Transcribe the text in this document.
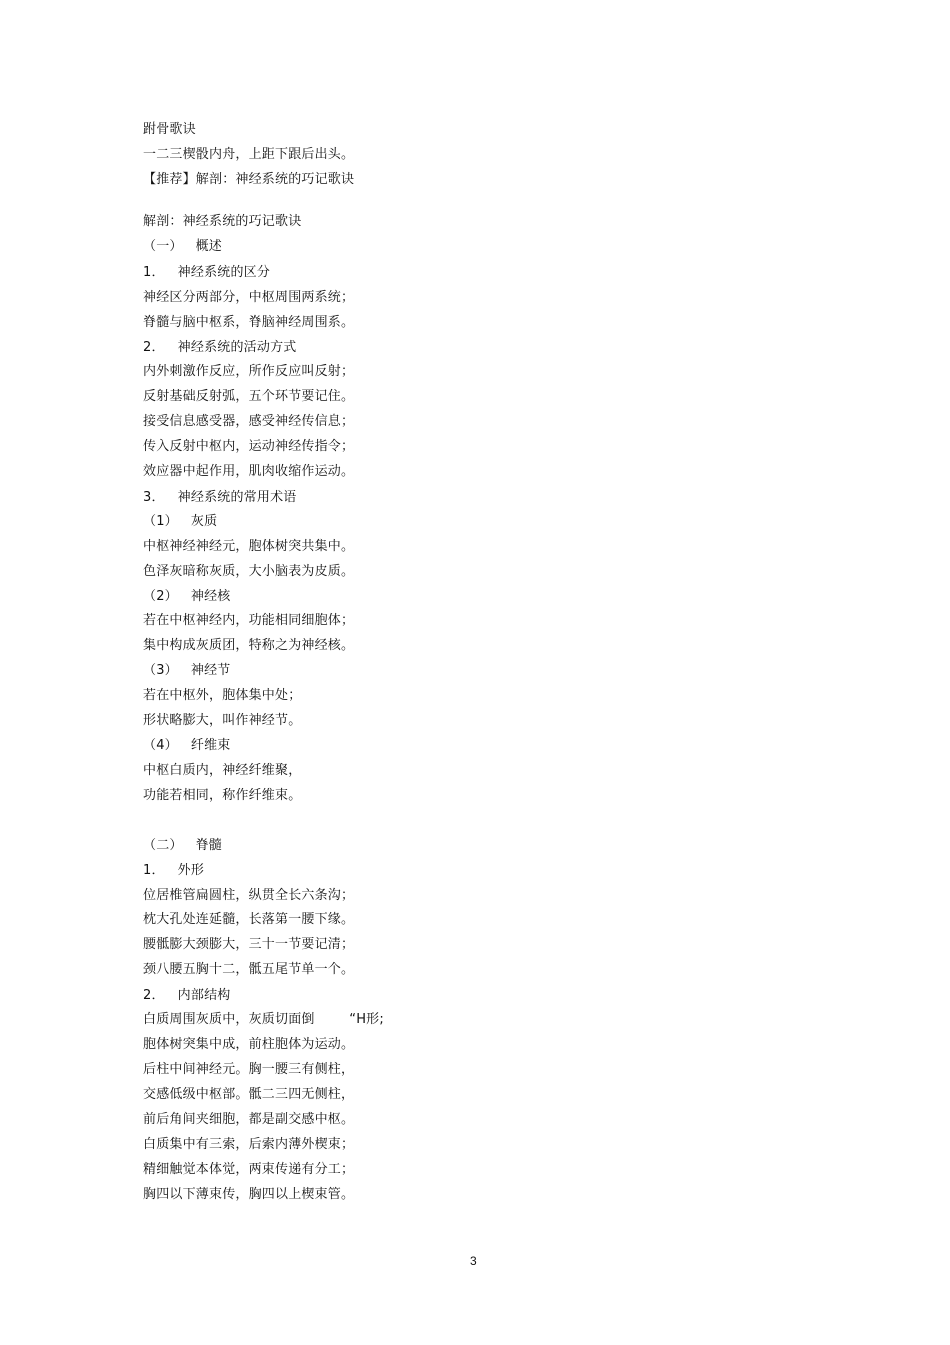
跗骨歌诀
一二三楔骰内舟，上距下跟后出头。
【推荐】解剖：神经系统的巧记歌诀
解剖：神经系统的巧记歌诀
（一）   概述
1．   神经系统的区分
神经区分两部分，中枢周围两系统；
脊髓与脑中枢系，脊脑神经周围系。
2．   神经系统的活动方式
内外刺激作反应，所作反应叫反射；
反射基础反射弧，五个环节要记住。
接受信息感受器，感受神经传信息；
传入反射中枢内，运动神经传指令；
效应器中起作用，肌肉收缩作运动。
3．   神经系统的常用术语
（1）   灰质
中枢神经神经元，胞体树突共集中。
色泽灰暗称灰质，大小脑表为皮质。
（2）   神经核
若在中枢神经内，功能相同细胞体；
集中构成灰质团，特称之为神经核。
（3）   神经节
若在中枢外，胞体集中处；
形状略膨大，叫作神经节。
（4）   纤维束
中枢白质内，神经纤维聚，
功能若相同，称作纤维束。
（二）   脊髓
1．   外形
位居椎管扁圆柱，纵贯全长六条沟；
枕大孔处连延髓，长落第一腰下缘。
腰骶膨大颈膨大，三十一节要记清；
颈八腰五胸十二，骶五尾节单一个。
2．   内部结构
白质周围灰质中，灰质切面倒        “H形;
胞体树突集中成，前柱胞体为运动。
后柱中间神经元。胸一腰三有侧柱，
交感低级中枢部。骶二三四无侧柱，
前后角间夹细胞，都是副交感中枢。
白质集中有三索，后索内薄外楔束；
精细触觉本体觉，两束传递有分工；
胸四以下薄束传，胸四以上楔束管。
3
